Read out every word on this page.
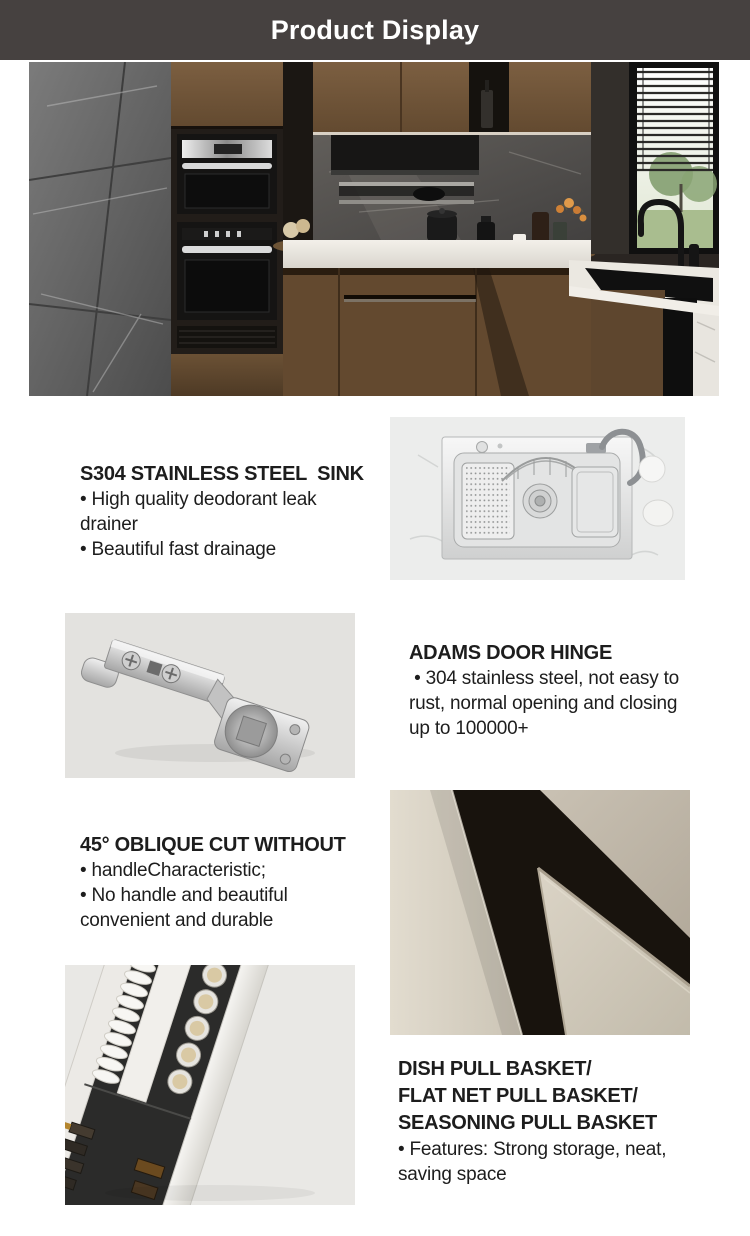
Product Display
S304 STAINLESS STEEL  SINK

• High quality deodorant leak drainer

• Beautiful fast drainage

ADAMS DOOR HINGE

• 304 stainless steel, not easy to rust, normal opening and closing up to 100000+

45° OBLIQUE CUT WITHOUT

• handleCharacteristic;

• No handle and beautiful convenient and durable

DISH PULL BASKET/
FLAT NET PULL BASKET/
SEASONING PULL BASKET

• Features: Strong storage, neat, saving space
